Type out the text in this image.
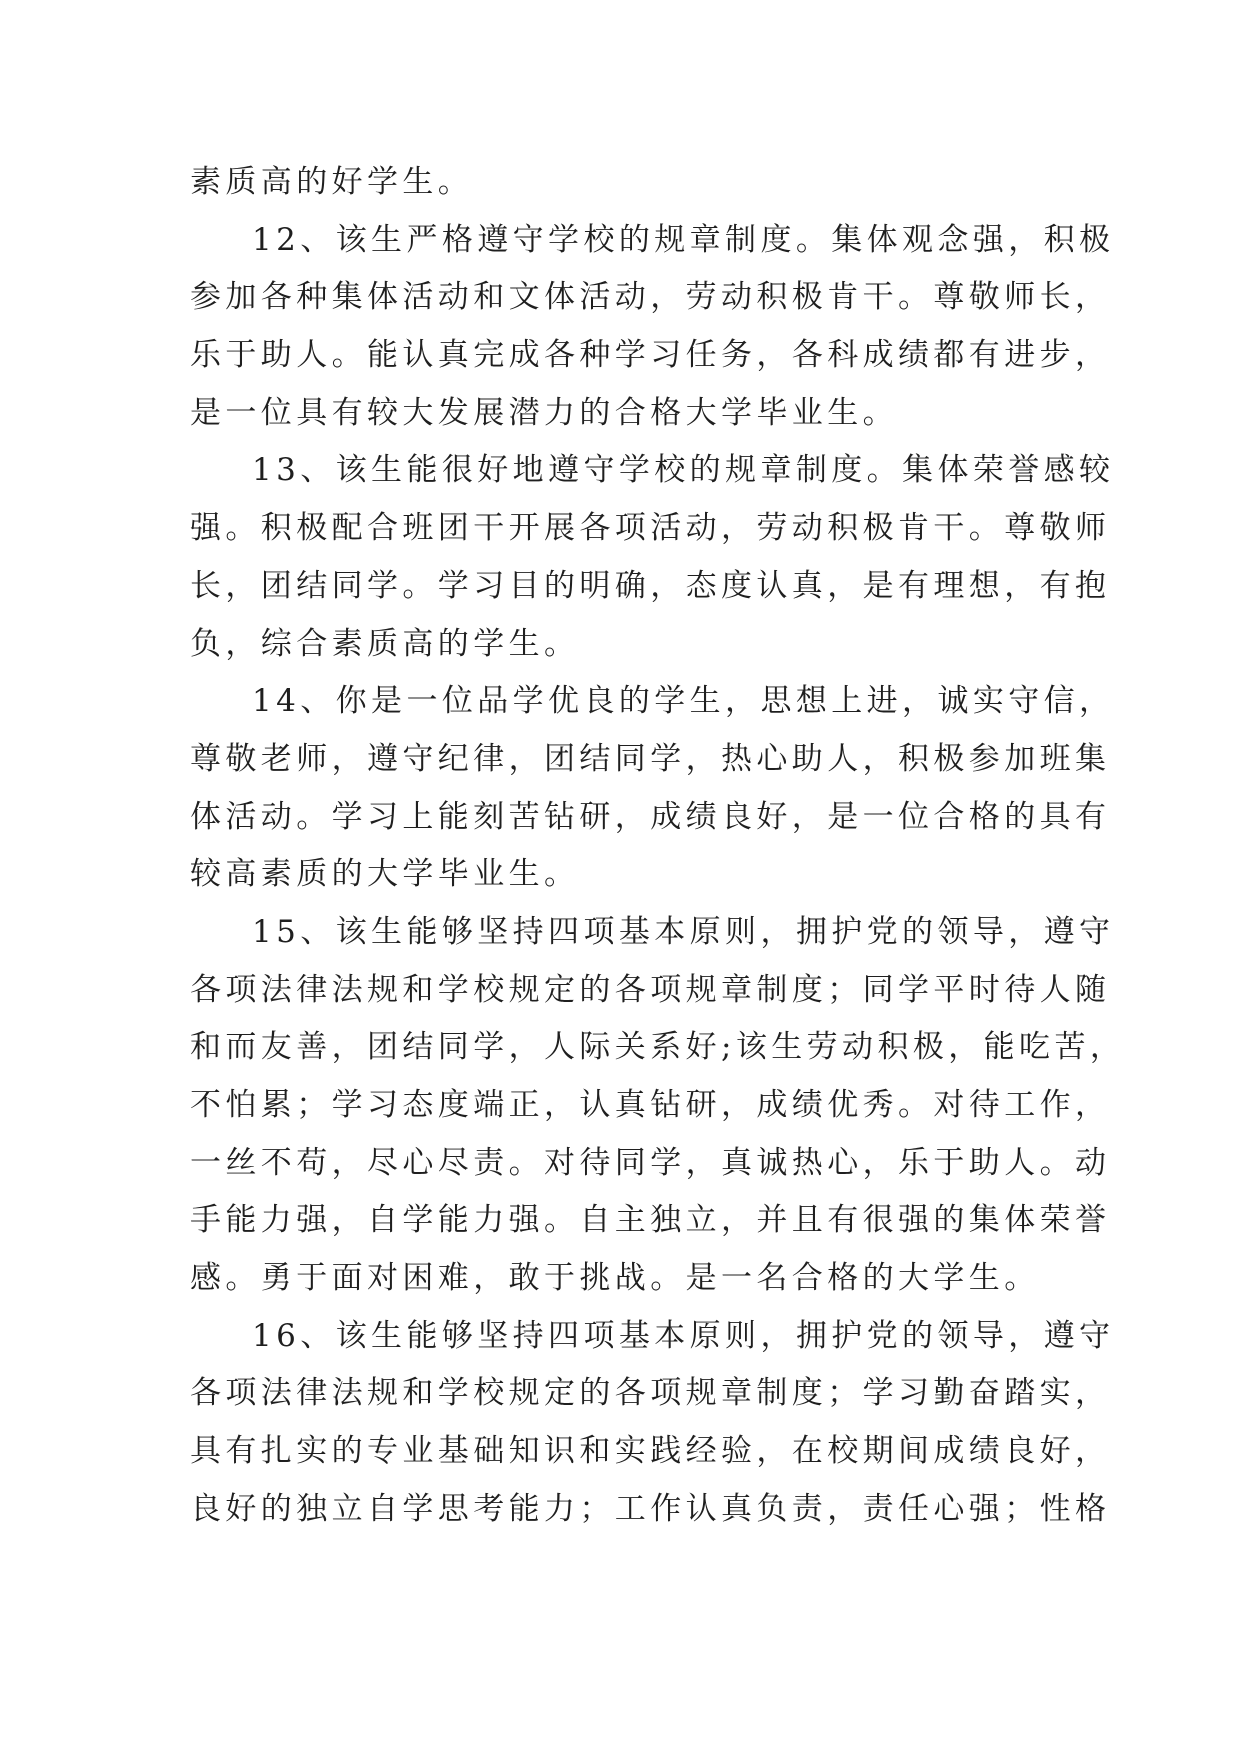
素质高的好学生。
12、该生严格遵守学校的规章制度。集体观念强，积极
参加各种集体活动和文体活动，劳动积极肯干。尊敬师长，
乐于助人。能认真完成各种学习任务，各科成绩都有进步，
是一位具有较大发展潜力的合格大学毕业生。
13、该生能很好地遵守学校的规章制度。集体荣誉感较
强。积极配合班团干开展各项活动，劳动积极肯干。尊敬师
长，团结同学。学习目的明确，态度认真，是有理想，有抱
负，综合素质高的学生。
14、你是一位品学优良的学生，思想上进，诚实守信，
尊敬老师，遵守纪律，团结同学，热心助人，积极参加班集
体活动。学习上能刻苦钻研，成绩良好，是一位合格的具有
较高素质的大学毕业生。
15、该生能够坚持四项基本原则，拥护党的领导，遵守
各项法律法规和学校规定的各项规章制度；同学平时待人随
和而友善，团结同学，人际关系好;该生劳动积极，能吃苦，
不怕累；学习态度端正，认真钻研，成绩优秀。对待工作，
一丝不苟，尽心尽责。对待同学，真诚热心，乐于助人。动
手能力强，自学能力强。自主独立，并且有很强的集体荣誉
感。勇于面对困难，敢于挑战。是一名合格的大学生。
16、该生能够坚持四项基本原则，拥护党的领导，遵守
各项法律法规和学校规定的各项规章制度；学习勤奋踏实，
具有扎实的专业基础知识和实践经验，在校期间成绩良好，
良好的独立自学思考能力；工作认真负责，责任心强；性格
